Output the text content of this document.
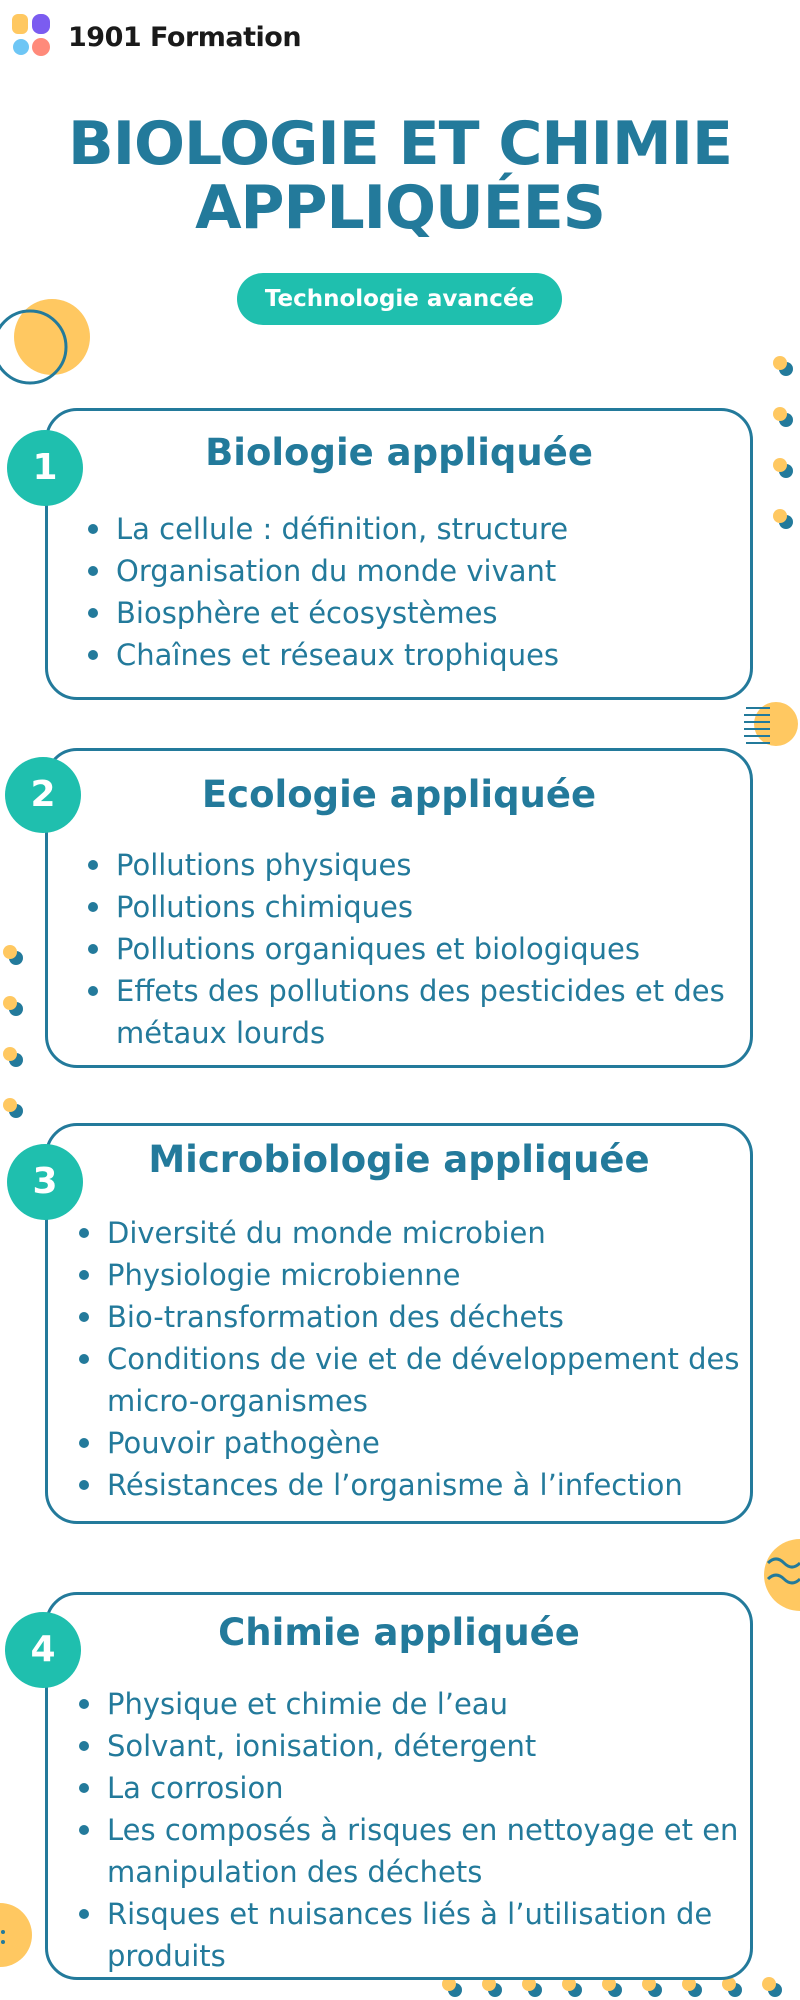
1901 Formation
BIOLOGIE ET CHIMIE
APPLIQUÉES
Technologie avancée
Biologie appliquée
La cellule : définition, structure
Organisation du monde vivant
Biosphère et écosystèmes
Chaînes et réseaux trophiques
1
Ecologie appliquée
Pollutions physiques
Pollutions chimiques
Pollutions organiques et biologiques
Effets des pollutions des pesticides et des métaux lourds
2
Microbiologie appliquée
Diversité du monde microbien
Physiologie microbienne
Bio-transformation des déchets
Conditions de vie et de développement des micro-organismes
Pouvoir pathogène
Résistances de l’organisme à l’infection
3
Chimie appliquée
Physique et chimie de l’eau
Solvant, ionisation, détergent
La corrosion
Les composés à risques en nettoyage et en manipulation des déchets
Risques et nuisances liés à l’utilisation de produits
4
